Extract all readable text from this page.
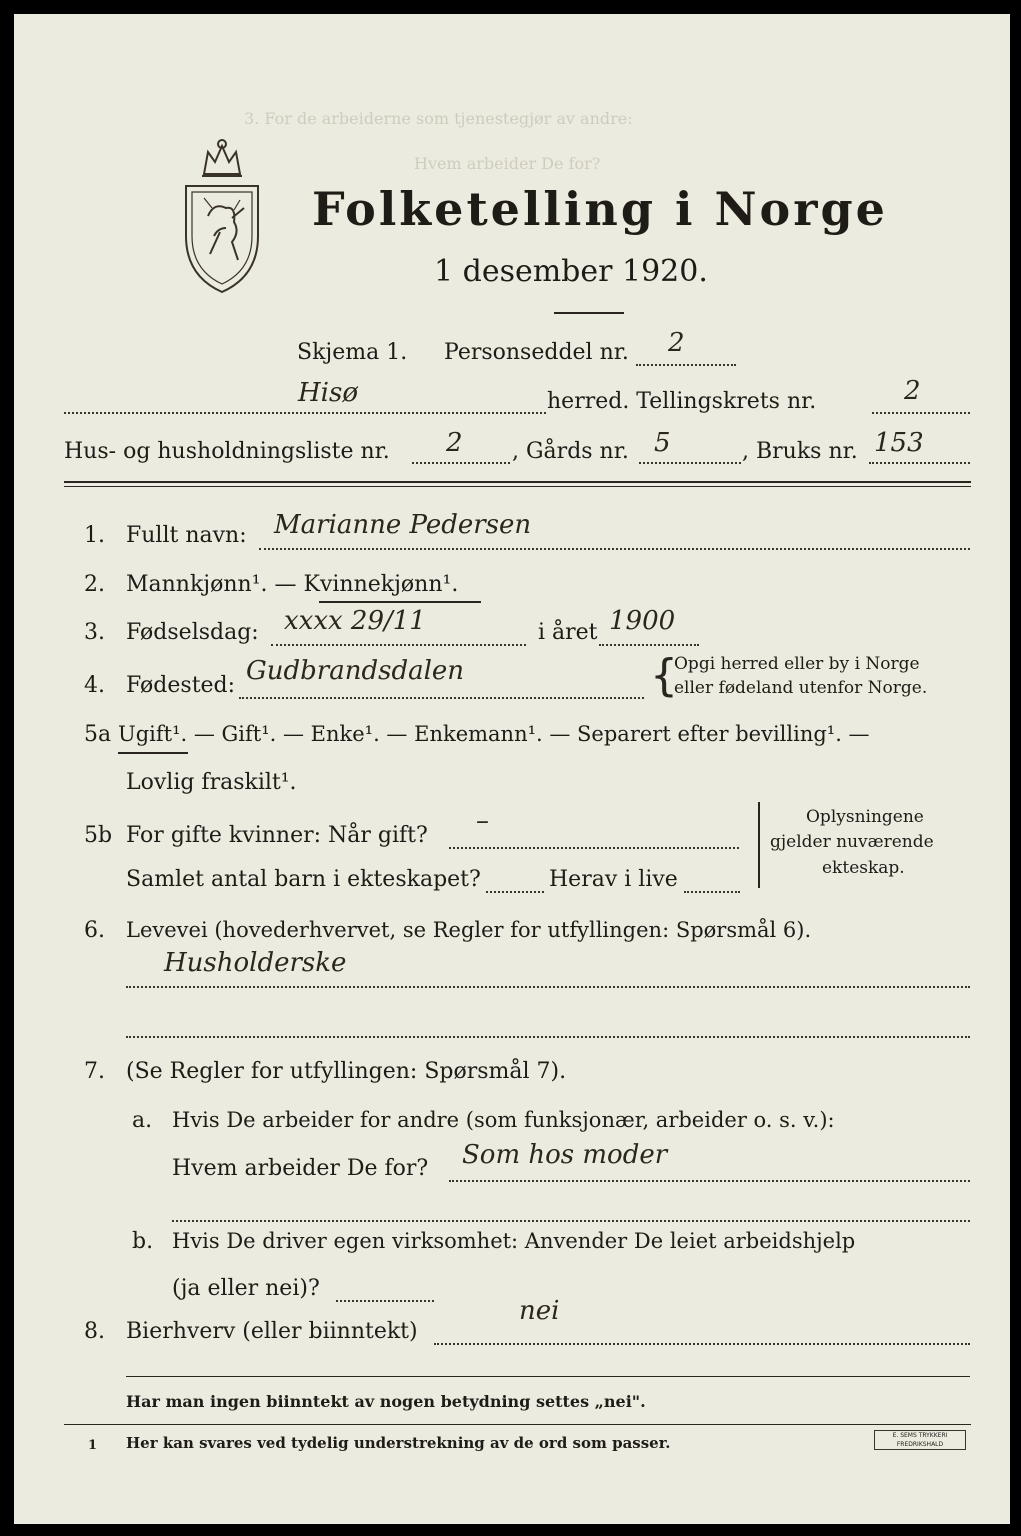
3. For de arbeiderne som tjenestegjør av andre:
Hvem arbeider De for?
Folketelling i Norge
1 desember 1920.
Skjema 1. Personseddel nr. 2
Hisø	herred. Tellingskrets nr.	2
Hus- og husholdningsliste nr. 2 , Gårds nr. 5	, Bruks nr. 153
1. Fullt navn: Marianne Pedersen
2. Mannkjønn¹. — Kvinnekjønn¹.
3. Fødselsdag: xxxx 29/11	i året 1900
4. Fødested: Gudbrandsdalen	{
Opgi herred eller by i Norge
eller fødeland utenfor Norge.
5a Ugift¹. — Gift¹. — Enke¹. — Enkemann¹. — Separert efter bevilling¹. —
Lovlig fraskilt¹.
5b For gifte kvinner: Når gift? –
Samlet antal barn i ekteskapet?	Herav i live
Oplysningene
gjelder nuværende
ekteskap.
6. Levevei (hovederhvervet, se Regler for utfyllingen: Spørsmål 6).
Husholderske
7. (Se Regler for utfyllingen: Spørsmål 7).
a. Hvis De arbeider for andre (som funksjonær, arbeider o. s. v.):
Hvem arbeider De for? Som hos moder
b. Hvis De driver egen virksomhet: Anvender De leiet arbeidshjelp
(ja eller nei)?
8. Bierhverv (eller biinntekt)
nei
Har man ingen biinntekt av nogen betydning settes „nei".
1 Her kan svares ved tydelig understrekning av de ord som passer.	E. SEMS TRYKKERI FREDRIKSHALD
